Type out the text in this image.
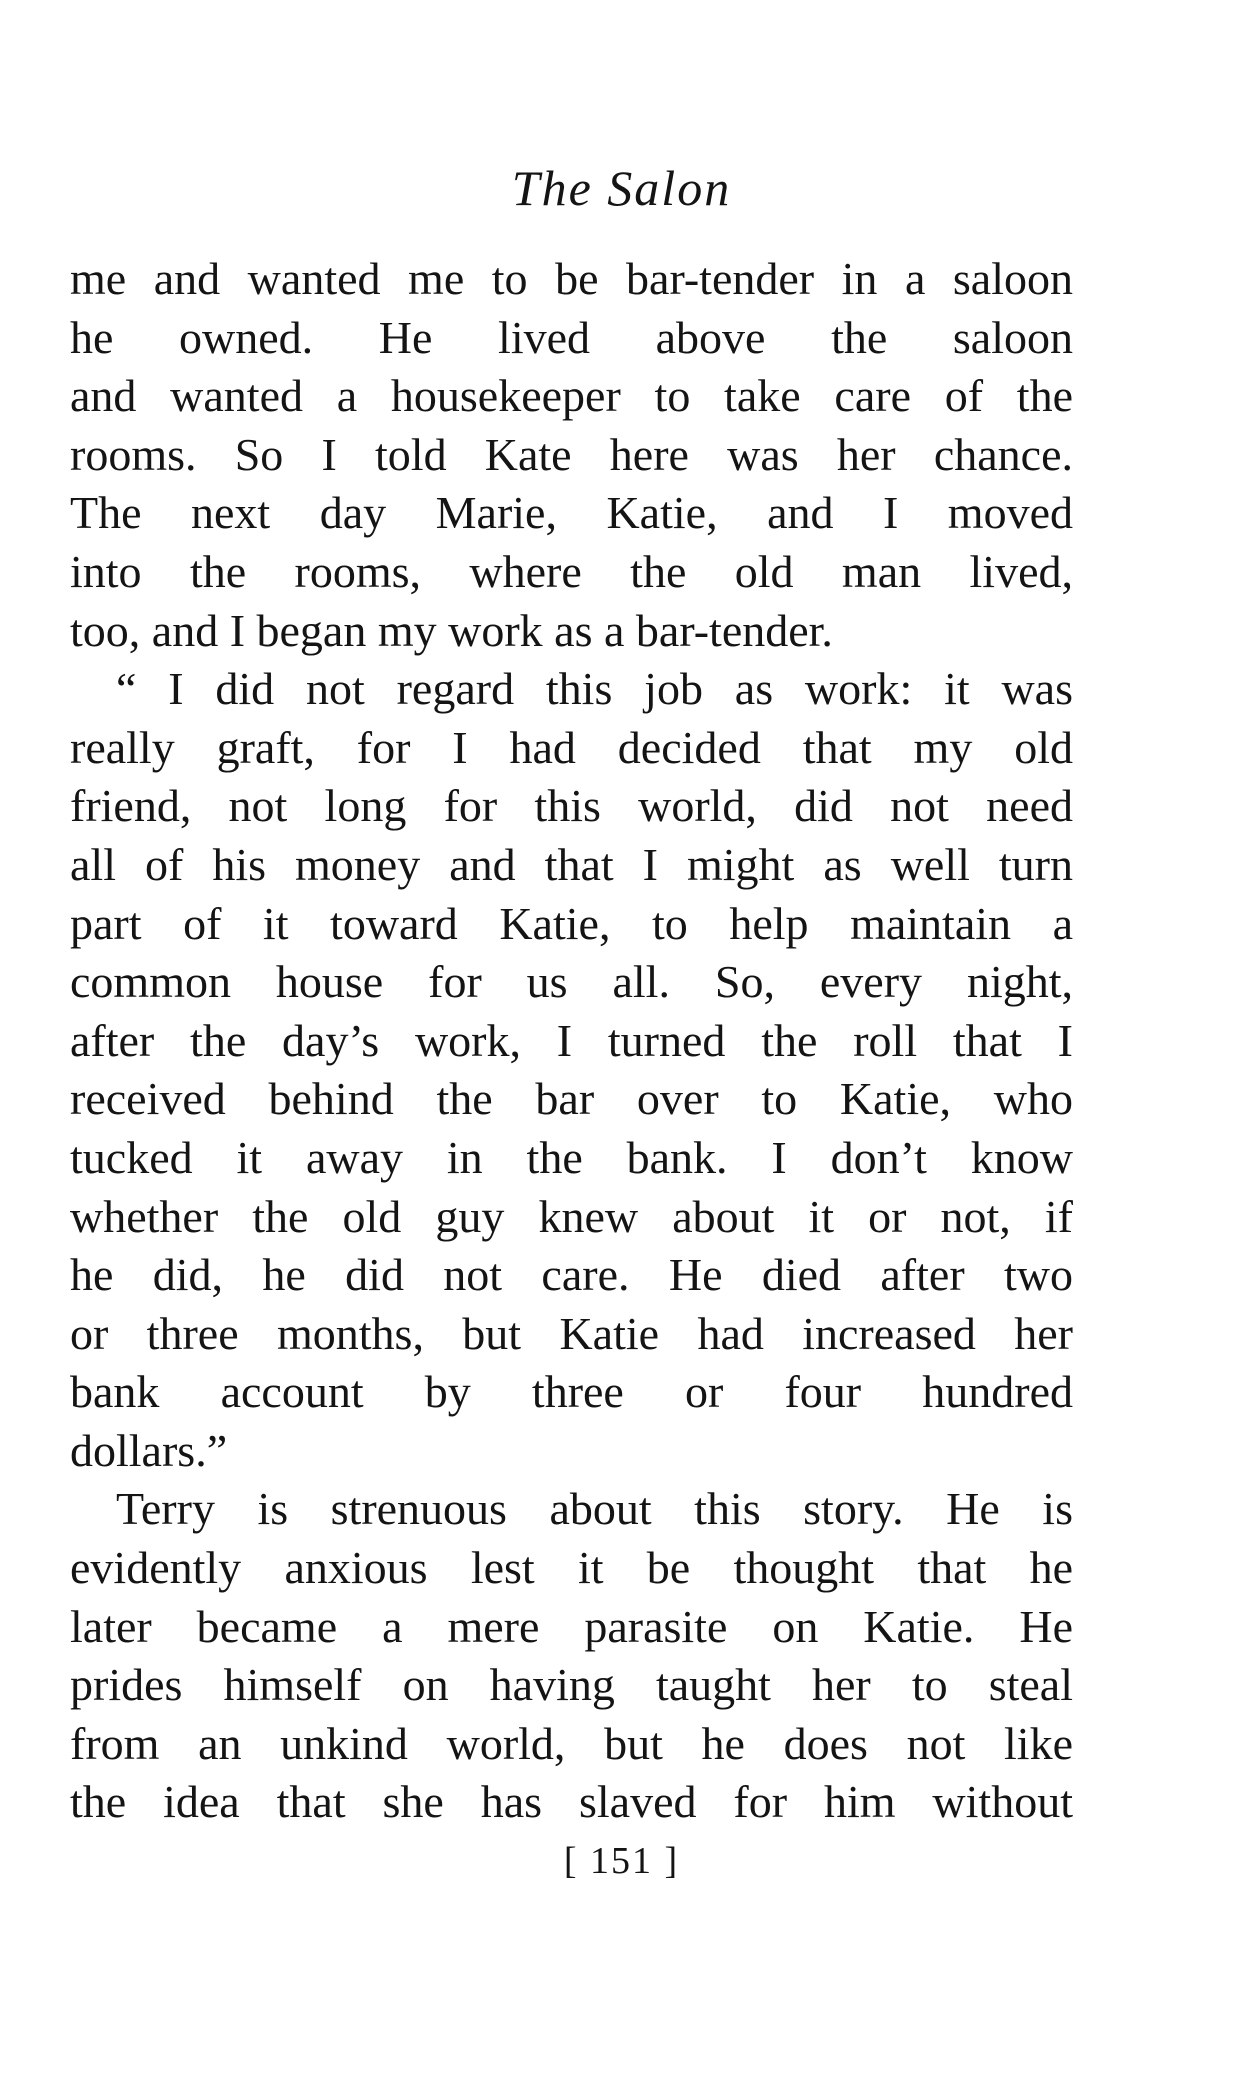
The Salon
me and wanted me to be bar-tender in a saloon
he owned. He lived above the saloon
and wanted a housekeeper to take care of the
rooms. So I told Kate here was her chance.
The next day Marie, Katie, and I moved
into the rooms, where the old man lived,
too, and I began my work as a bar-tender.
“ I did not regard this job as work: it was
really graft, for I had decided that my old
friend, not long for this world, did not need
all of his money and that I might as well turn
part of it toward Katie, to help maintain a
common house for us all. So, every night,
after the day’s work, I turned the roll that I
received behind the bar over to Katie, who
tucked it away in the bank. I don’t know
whether the old guy knew about it or not, if
he did, he did not care. He died after two
or three months, but Katie had increased her
bank account by three or four hundred
dollars.”
Terry is strenuous about this story. He is
evidently anxious lest it be thought that he
later became a mere parasite on Katie. He
prides himself on having taught her to steal
from an unkind world, but he does not like
the idea that she has slaved for him without
[ 151 ]
